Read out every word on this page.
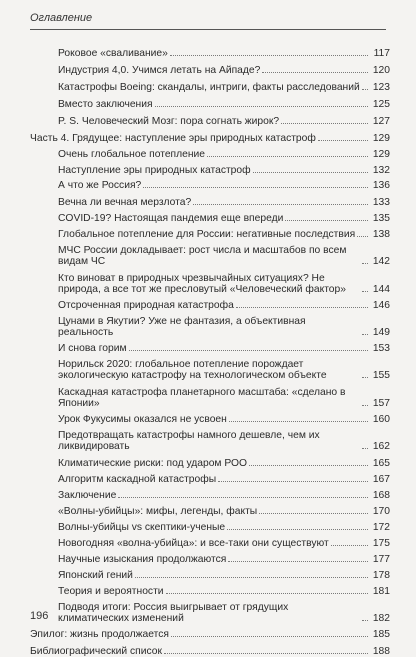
Оглавление
Роковое «сваливание»	117
Индустрия 4,0. Учимся летать на Айпаде?	120
Катастрофы Boeing: скандалы, интриги, факты расследований 123
Вместо заключения	125
P. S. Человеческий Мозг: пора согнать жирок?	127
Часть 4. Грядущее: наступление эры природных катастроф	129
Очень глобальное потепление	129
Наступление эры природных катастроф	132
А что же Россия?	136
Вечна ли вечная мерзлота?	133
COVID-19? Настоящая пандемия еще впереди	135
Глобальное потепление для России: негативные последствия 138
МЧС России докладывает: рост числа и масштабов по всем видам ЧС	142
Кто виноват в природных чрезвычайных ситуациях? Не природа, а все тот же пресловутый «Человеческий фактор»	144
Отсроченная природная катастрофа	146
Цунами в Якутии? Уже не фантазия, а объективная реальность	149
И снова горим	153
Норильск 2020: глобальное потепление порождает экологическую катастрофу на технологическом объекте	155
Каскадная катастрофа планетарного масштаба: «сделано в Японии»	157
Урок Фукусимы оказался не усвоен	160
Предотвращать катастрофы намного дешевле, чем их ликвидировать	162
Климатические риски: под ударом РОО	165
Алгоритм каскадной катастрофы	167
Заключение	168
«Волны-убийцы»: мифы, легенды, факты	170
Волны-убийцы vs скептики-ученые	172
Новогодняя «волна-убийца»: и все-таки они существуют	175
Научные изыскания продолжаются	177
Японский гений	178
Теория и вероятности	181
Подводя итоги: Россия выигрывает от грядущих климатических изменений	182
Эпилог: жизнь продолжается	185
Библиографический список	188
196
